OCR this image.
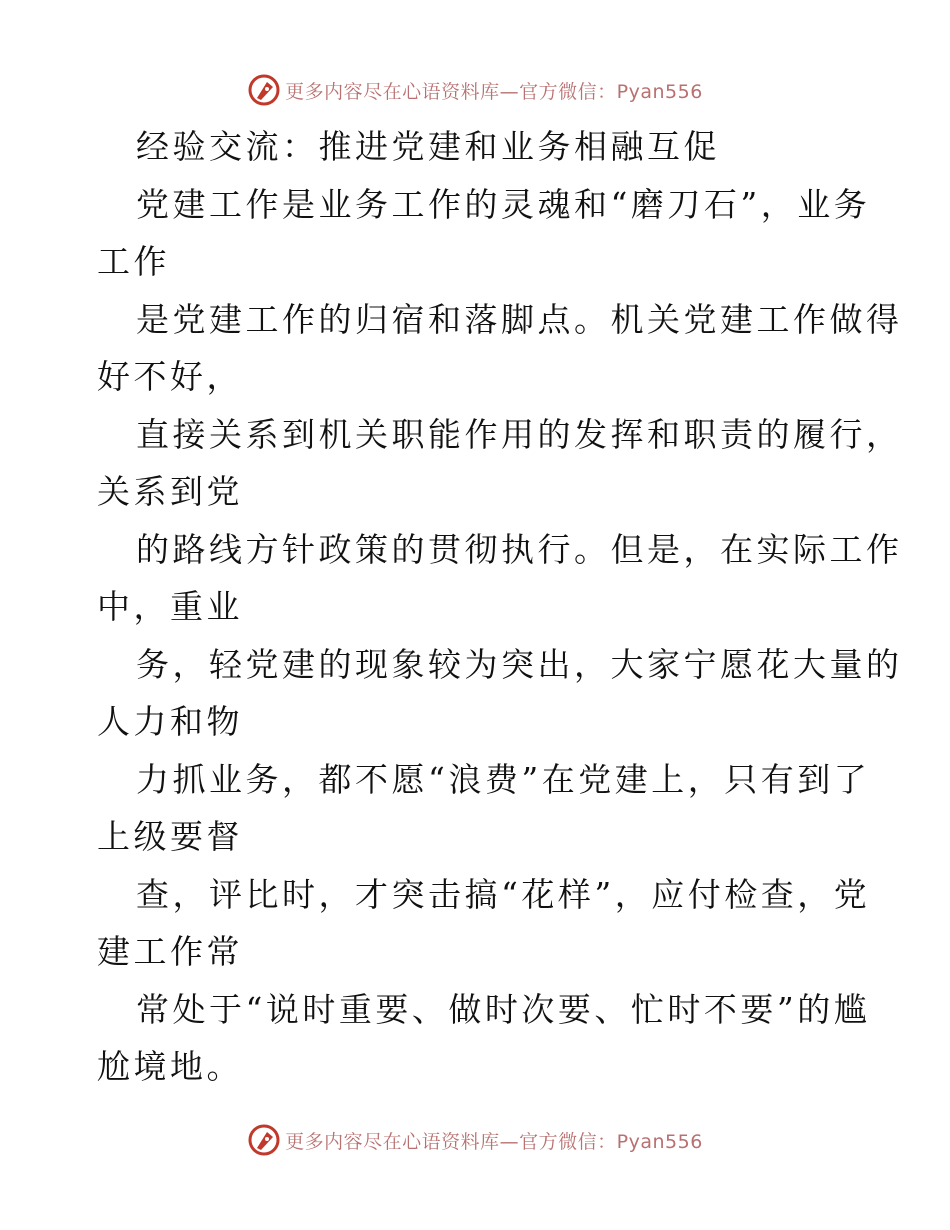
更多内容尽在心语资料库—官方微信：Pyan556
经验交流：推进党建和业务相融互促
党建工作是业务工作的灵魂和“磨刀石”，业务
工作
是党建工作的归宿和落脚点。机关党建工作做得
好不好，
直接关系到机关职能作用的发挥和职责的履行，
关系到党
的路线方针政策的贯彻执行。但是，在实际工作
中，重业
务，轻党建的现象较为突出，大家宁愿花大量的
人力和物
力抓业务，都不愿“浪费”在党建上，只有到了
上级要督
查，评比时，才突击搞“花样”，应付检查，党
建工作常
常处于“说时重要、做时次要、忙时不要”的尴
尬境地。
更多内容尽在心语资料库—官方微信：Pyan556
